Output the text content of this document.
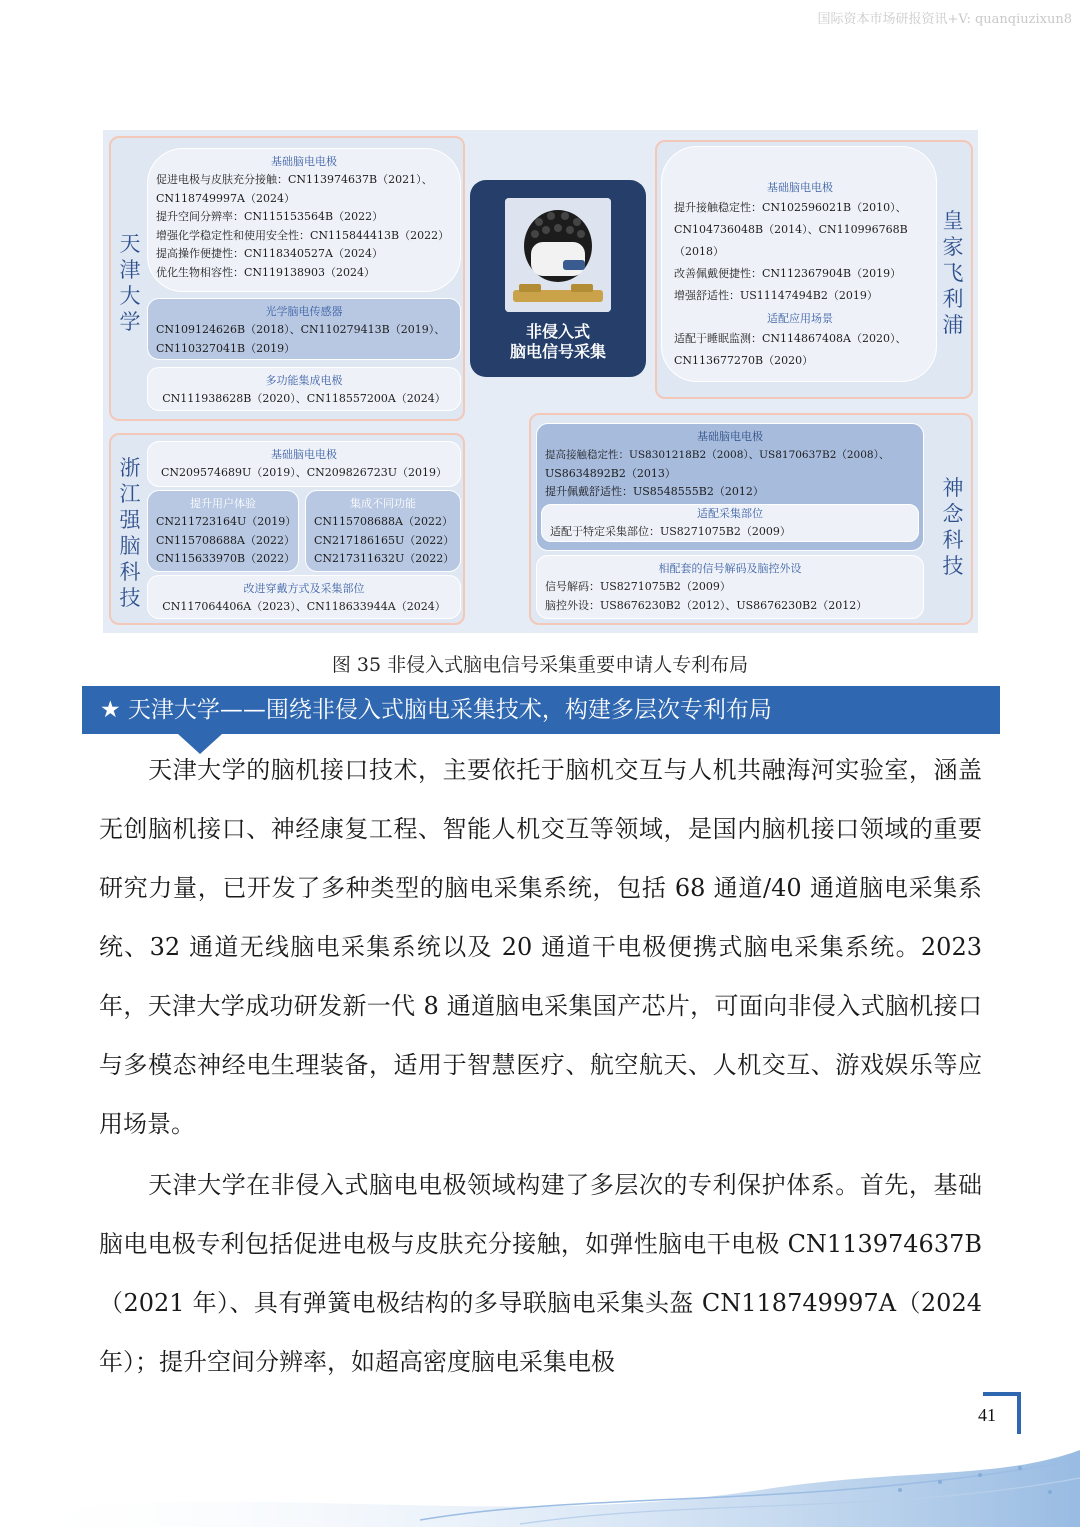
国际资本市场研报资讯+V: quanqiuzixun8
天津大学
基础脑电电极
促进电极与皮肤充分接触：CN113974637B（2021）、
CN118749997A（2024）
提升空间分辨率：CN115153564B（2022）
增强化学稳定性和使用安全性：CN115844413B（2022）
提高操作便捷性：CN118340527A（2024）
优化生物相容性：CN119138903（2024）
光学脑电传感器
CN109124626B（2018）、CN110279413B（2019）、
CN110327041B（2019）
多功能集成电极
CN111938628B（2020）、CN118557200A（2024）
非侵入式
脑电信号采集
皇家飞利浦
基础脑电电极
提升接触稳定性：CN102596021B（2010）、
CN104736048B（2014）、CN110996768B
（2018）
改善佩戴便捷性：CN112367904B（2019）
增强舒适性：US11147494B2（2019）
适配应用场景
适配于睡眠监测：CN114867408A（2020）、
CN113677270B（2020）
浙江强脑科技
基础脑电电极
CN209574689U（2019）、CN209826723U（2019）
提升用户体验
CN211723164U（2019）
CN115708688A（2022）
CN115633970B（2022）
集成不同功能
CN115708688A（2022）
CN217186165U（2022）
CN217311632U（2022）
改进穿戴方式及采集部位
CN117064406A（2023）、CN118633944A（2024）
神念科技
基础脑电电极
提高接触稳定性：US8301218B2（2008）、US8170637B2（2008）、
US8634892B2（2013）
提升佩戴舒适性：US8548555B2（2012）
适配采集部位
适配于特定采集部位：US8271075B2（2009）
相配套的信号解码及脑控外设
信号解码：US8271075B2（2009）
脑控外设：US8676230B2（2012）、US8676230B2（2012）
图 35 非侵入式脑电信号采集重要申请人专利布局
★ 天津大学——围绕非侵入式脑电采集技术，构建多层次专利布局
　　天津大学的脑机接口技术，主要依托于脑机交互与人机共融海河实验室，涵盖无创脑机接口、神经康复工程、智能人机交互等领域，是国内脑机接口领域的重要研究力量，已开发了多种类型的脑电采集系统，包括 68 通道/40 通道脑电采集系统、32 通道无线脑电采集系统以及 20 通道干电极便携式脑电采集系统。2023 年，天津大学成功研发新一代 8 通道脑电采集国产芯片，可面向非侵入式脑机接口与多模态神经电生理装备，适用于智慧医疗、航空航天、人机交互、游戏娱乐等应用场景。
　　天津大学在非侵入式脑电电极领域构建了多层次的专利保护体系。首先，基础脑电电极专利包括促进电极与皮肤充分接触，如弹性脑电干电极 CN113974637B（2021 年）、具有弹簧电极结构的多导联脑电采集头盔 CN118749997A（2024 年）；提升空间分辨率，如超高密度脑电采集电极
41
